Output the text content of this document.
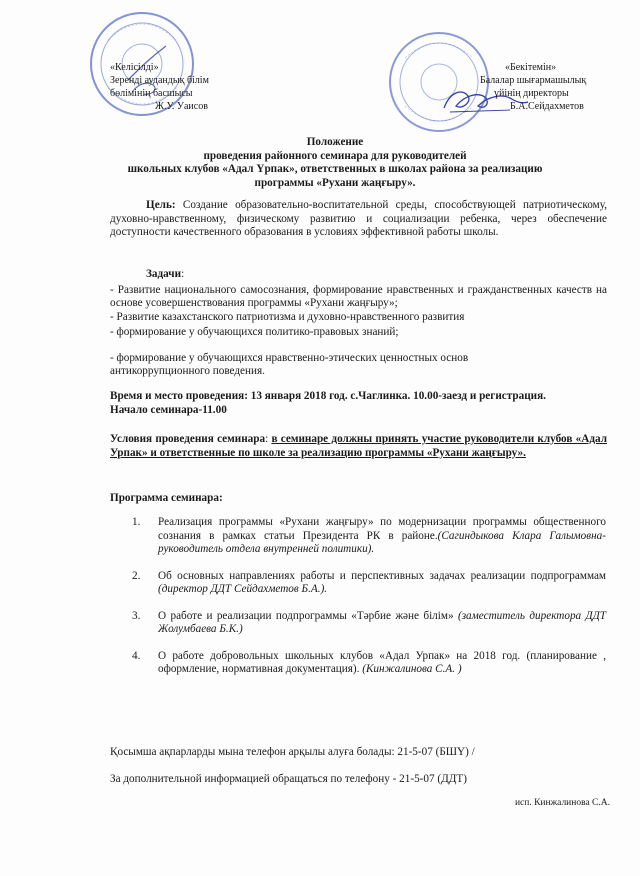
«Келісілді»
Зеренді аудандық білім
бөлімінің басшысы
Ж.У. Уаисов
«Бекітемін»
Балалар шығармашылық
үйінің директоры
Б.А.Сейдахметов
Положение
проведения районного семинара для руководителей
школьных клубов «Адал Үрпак», ответственных в школах района за реализацию
программы «Рухани жаңғыру».
Цель: Создание образовательно-воспитательной среды, способствующей патриотическому, духовно-нравственному, физическому развитию и социализации ребенка, через обеспечение доступности качественного образования в условиях эффективной работы школы.
Задачи:
- Развитие национального самосознания, формирование нравственных и гражданственных качеств на основе усовершенствования программы «Рухани жаңғыру»;
- Развитие казахстанского патриотизма и духовно-нравственного развития
- формирование у обучающихся политико-правовых знаний;
- формирование у обучающихся нравственно-этических ценностных основ антикоррупционного поведения.
Время и место проведения: 13 января 2018 год. с.Чаглинка. 10.00-заезд и регистрация. Начало семинара-11.00
Условия проведения семинара: в семинаре должны принять участие руководители клубов «Адал Урпак» и ответственные по школе за реализацию программы «Рухани жаңғыру».
Программа семинара:
1. Реализация программы «Рухани жаңғыру» по модернизации программы общественного сознания в рамках статьи Президента РК в районе.(Сагиндыкова Клара Галымовна-руководитель отдела внутренней политики).
2. Об основных направлениях работы и перспективных задачах реализации подпрограммам (директор ДДТ Сейдахметов Б.А.).
3. О работе и реализации подпрограммы «Тәрбие және білім» (заместитель директора ДДТ Жолумбаева Б.К.)
4. О работе добровольных школьных клубов «Адал Урпак» на 2018 год. (планирование , оформление, нормативная документация). (Кинжалинова С.А. )
Қосымша ақпарларды мына телефон арқылы алуға болады: 21-5-07 (БШҮ) /
За дополнительной информацией обращаться по телефону - 21-5-07 (ДДТ)
исп. Кинжалинова С.А.
